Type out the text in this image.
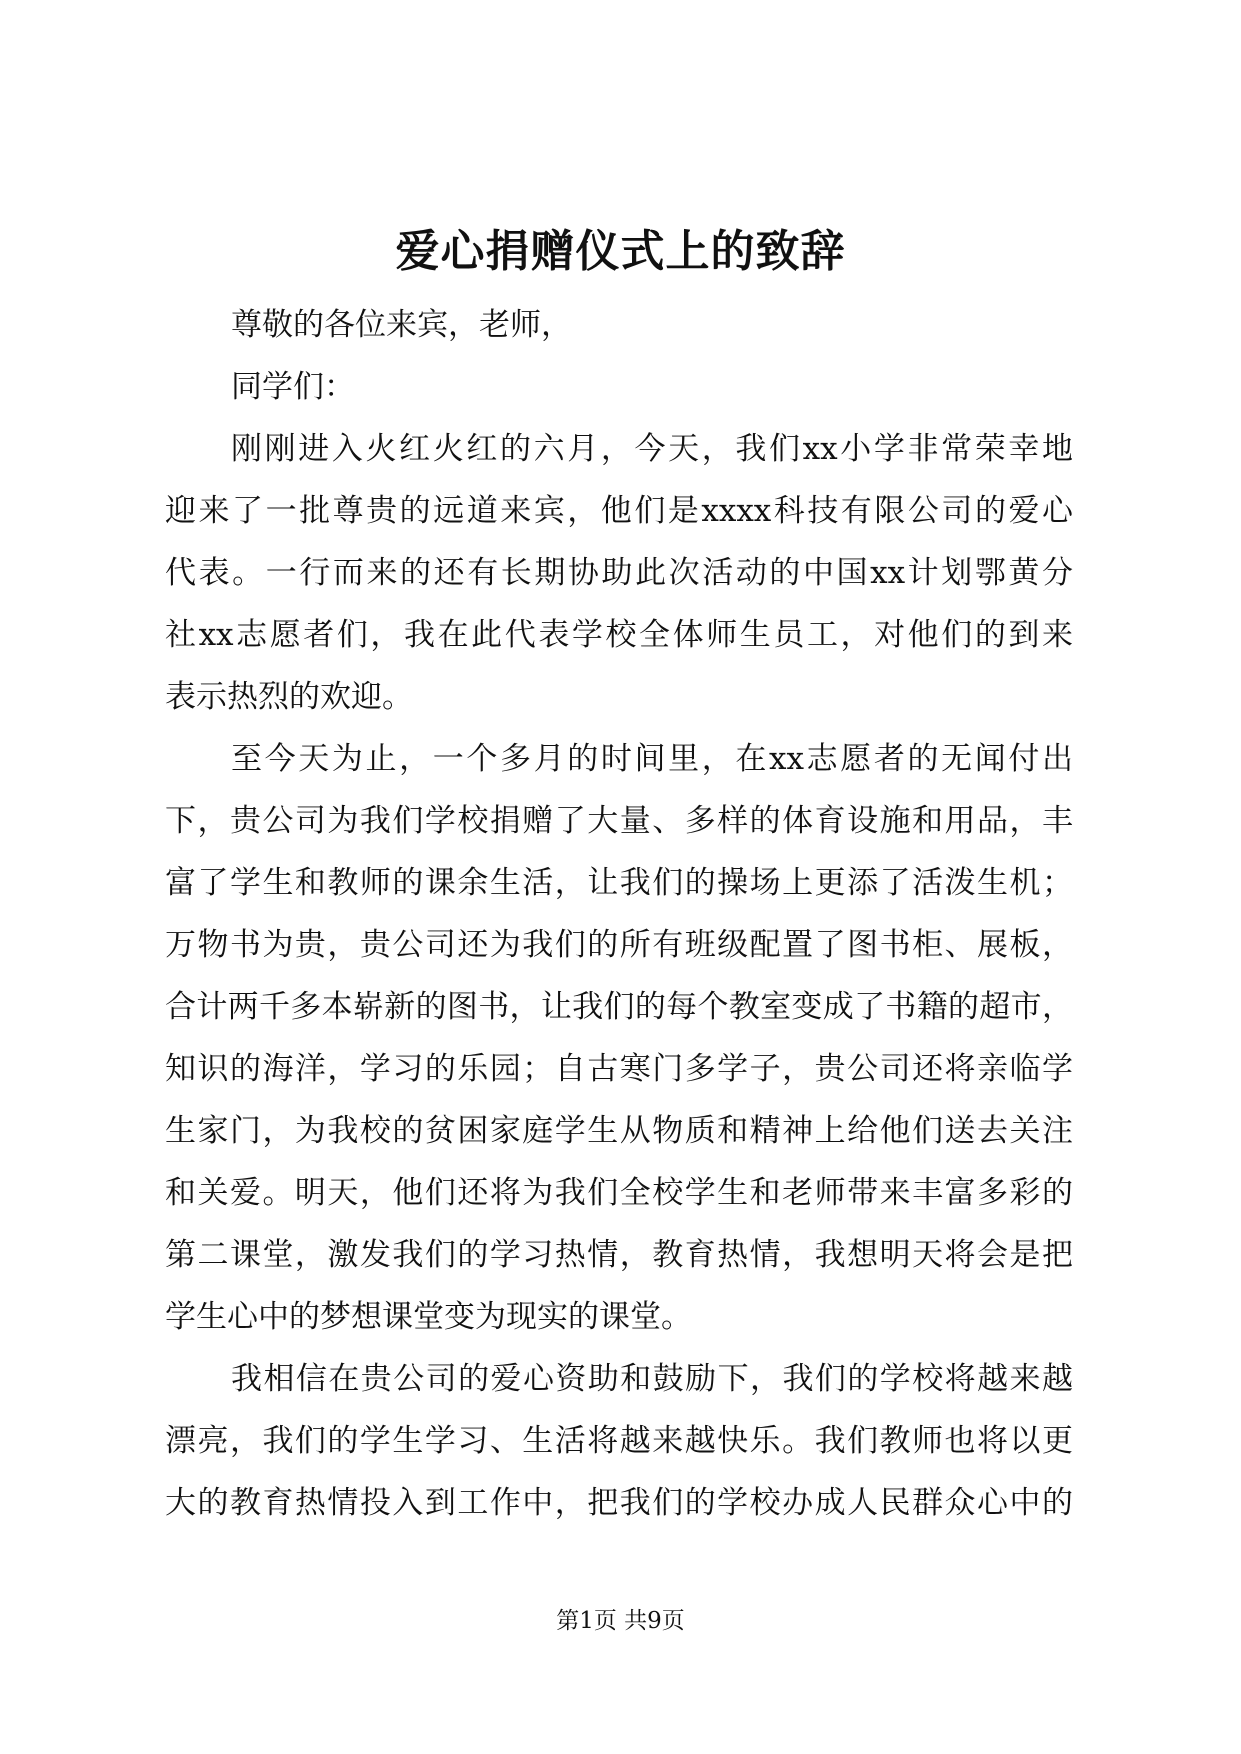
爱心捐赠仪式上的致辞
尊敬的各位来宾，老师，
同学们：
刚刚进入火红火红的六月，今天，我们xx小学非常荣幸地
迎来了一批尊贵的远道来宾，他们是xxxx科技有限公司的爱心
代表。一行而来的还有长期协助此次活动的中国xx计划鄂黄分
社xx志愿者们，我在此代表学校全体师生员工，对他们的到来
表示热烈的欢迎。
至今天为止，一个多月的时间里，在xx志愿者的无闻付出
下，贵公司为我们学校捐赠了大量、多样的体育设施和用品，丰
富了学生和教师的课余生活，让我们的操场上更添了活泼生机；
万物书为贵，贵公司还为我们的所有班级配置了图书柜、展板，
合计两千多本崭新的图书，让我们的每个教室变成了书籍的超市，
知识的海洋，学习的乐园；自古寒门多学子，贵公司还将亲临学
生家门，为我校的贫困家庭学生从物质和精神上给他们送去关注
和关爱。明天，他们还将为我们全校学生和老师带来丰富多彩的
第二课堂，激发我们的学习热情，教育热情，我想明天将会是把
学生心中的梦想课堂变为现实的课堂。
我相信在贵公司的爱心资助和鼓励下，我们的学校将越来越
漂亮，我们的学生学习、生活将越来越快乐。我们教师也将以更
大的教育热情投入到工作中，把我们的学校办成人民群众心中的
第1页 共9页
